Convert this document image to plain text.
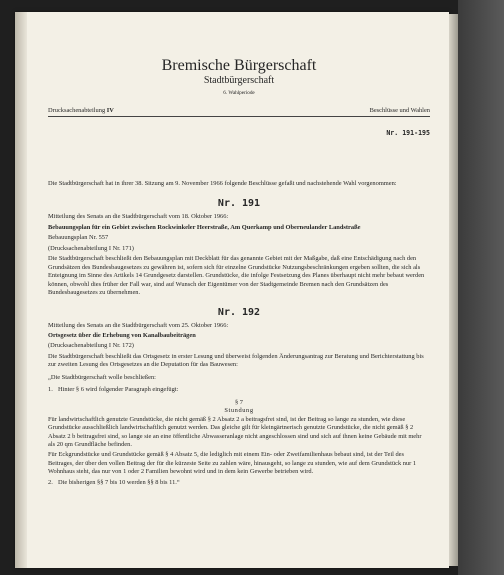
Bremische Bürgerschaft
Stadtbürgerschaft
6. Wahlperiode
Drucksachenabteilung IV	Beschlüsse und Wahlen
Nr. 191-195

Die Stadtbürgerschaft hat in ihrer 38. Sitzung am 9. November 1966 folgende Beschlüsse gefaßt und nachstehende Wahl vorgenommen:

Nr. 191

Mitteilung des Senats an die Stadtbürgerschaft vom 18. Oktober 1966:

Bebauungsplan für ein Gebiet zwischen Rockwinkeler Heerstraße, Am Querkamp und Oberneulander Landstraße

Bebauungsplan Nr. 557

(Drucksachenabteilung I Nr. 171)

Die Stadtbürgerschaft beschließt den Bebauungsplan mit Deckblatt für das genannte Gebiet mit der Maßgabe, daß eine Entschädigung nach den Grundsätzen des Bundesbaugesetzes zu gewähren ist, sofern sich für einzelne Grundstücke Nutzungsbeschränkungen ergeben sollten, die sich als Enteignung im Sinne des Artikels 14 Grundgesetz darstellen. Grundstücke, die infolge Festsetzung des Planes überhaupt nicht mehr bebaut werden können, obwohl dies früher der Fall war, sind auf Wunsch der Eigentümer von der Stadtgemeinde Bremen nach den Grundsätzen des Bundesbaugesetzes zu übernehmen.

Nr. 192

Mitteilung des Senats an die Stadtbürgerschaft vom 25. Oktober 1966:

Ortsgesetz über die Erhebung von Kanalbaubeiträgen

(Drucksachenabteilung I Nr. 172)

Die Stadtbürgerschaft beschließt das Ortsgesetz in erster Lesung und überweist folgenden Änderungsantrag zur Beratung und Berichterstattung bis zur zweiten Lesung des Ortsgesetzes an die Deputation für das Bauwesen:

„Die Stadtbürgerschaft wolle beschließen:

1. Hinter § 6 wird folgender Paragraph eingefügt:

§ 7

Stundung

Für landwirtschaftlich genutzte Grundstücke, die nicht gemäß § 2 Absatz 2 a beitragsfrei sind, ist der Beitrag so lange zu stunden, wie diese Grundstücke ausschließlich landwirtschaftlich genutzt werden. Das gleiche gilt für kleingärtnerisch genutzte Grundstücke, die nicht gemäß § 2 Absatz 2 b beitragsfrei sind, so lange sie an eine öffentliche Abwasseranlage nicht angeschlossen sind und sich auf ihnen keine Gebäude mit mehr als 20 qm Grundfläche befinden.

Für Eckgrundstücke und Grundstücke gemäß § 4 Absatz 5, die lediglich mit einem Ein- oder Zweifamilienhaus bebaut sind, ist der Teil des Beitrages, der über den vollen Beitrag der für die kürzeste Seite zu zahlen wäre, hinausgeht, so lange zu stunden, wie auf dem Grundstück nur 1 Wohnhaus steht, das nur von 1 oder 2 Familien bewohnt wird und in dem kein Gewerbe betrieben wird.

2. Die bisherigen §§ 7 bis 10 werden §§ 8 bis 11.“
